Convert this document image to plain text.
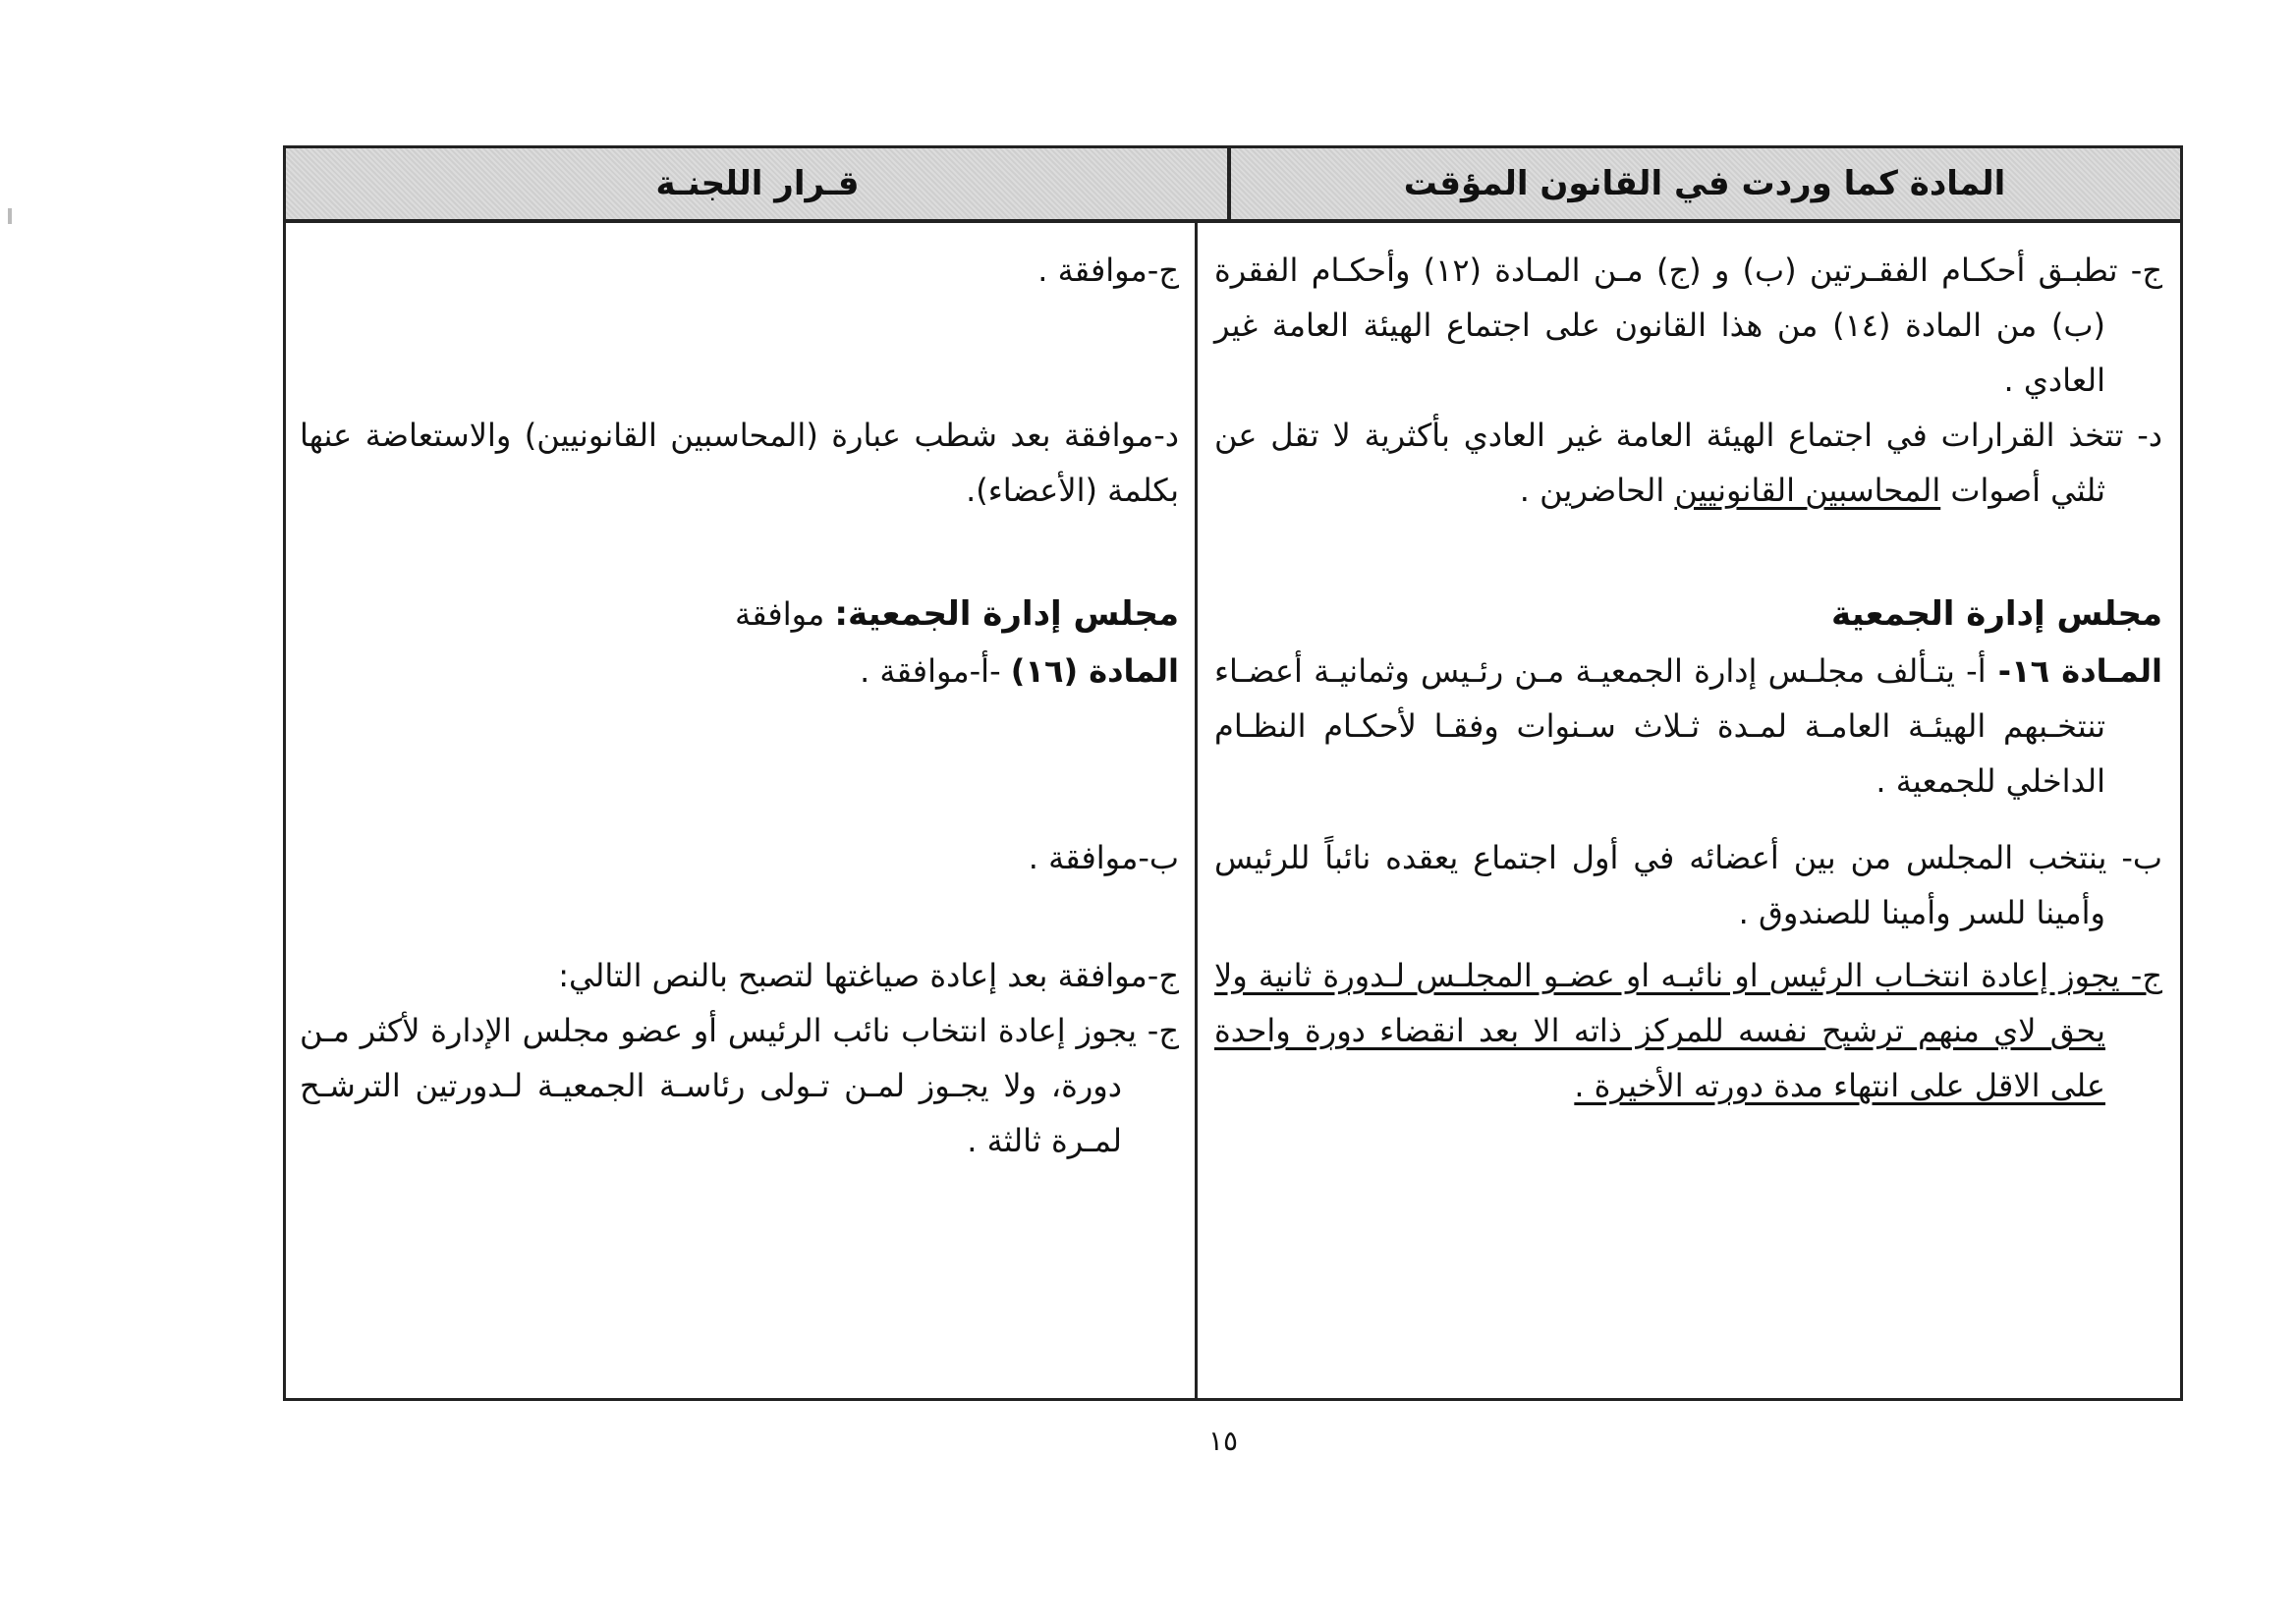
المادة كما وردت في القانون المؤقت
قـرار اللجنـة
ج- تطبـق أحكـام الفقـرتين (ب) و (ج) مـن المـادة (١٢) وأحكـام الفقرة (ب) من المادة (١٤) من هذا القانون على اجتماع الهيئة العامة غير العادي .
د- تتخذ القرارات في اجتماع الهيئة العامة غير العادي بأكثرية لا تقل عن ثلثي أصوات المحاسبين القانونيين الحاضرين .
مجلس إدارة الجمعية
المـادة ١٦- أ- يتـألف مجلـس إدارة الجمعيـة مـن رئـيس وثمانيـة أعضـاء تنتخـبهم الهيئـة العامـة لمـدة ثـلاث سـنوات وفقـا لأحكـام النظـام الداخلي للجمعية .
ب- ينتخب المجلس من بين أعضائه في أول اجتماع يعقده نائباً للرئيس وأمينا للسر وأمينا للصندوق .
ج- يجوز إعادة انتخـاب الرئيس او نائبـه او عضـو المجلـس لـدورة ثانية ولا يحق لاي منهم ترشيح نفسه للمركز ذاته الا بعد انقضاء دورة واحدة على الاقل على انتهاء مدة دورته الأخيرة .
ج-موافقة .
د-موافقة بعد شطب عبارة (المحاسبين القانونيين) والاستعاضة عنها بكلمة (الأعضاء).
مجلس إدارة الجمعية: موافقة
المادة (١٦) -أ-موافقة .
ب-موافقة .
ج-موافقة بعد إعادة صياغتها لتصبح بالنص التالي:
ج- يجوز إعادة انتخاب نائب الرئيس أو عضو مجلس الإدارة لأكثر مـن دورة، ولا يجـوز لمـن تـولى رئاسـة الجمعيـة لـدورتين الترشـح لمـرة ثالثة .
١٥
